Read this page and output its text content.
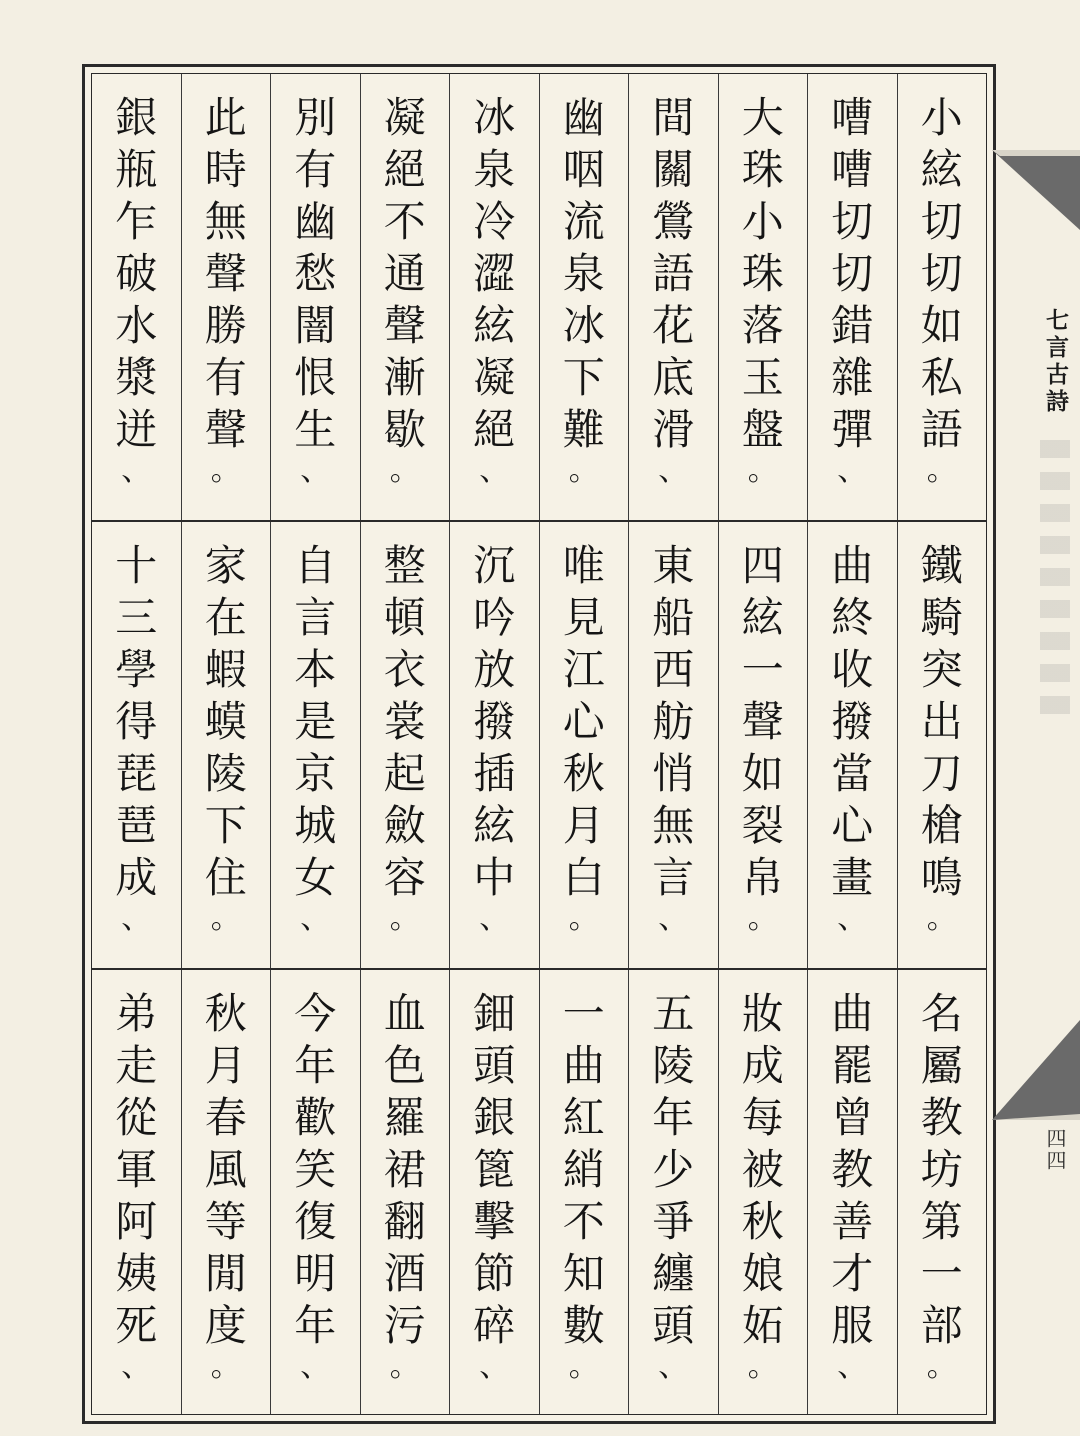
小
絃
切
切
如
私
語
。
嘈
嘈
切
切
錯
雜
彈
、
大
珠
小
珠
落
玉
盤
。
間
關
鶯
語
花
底
滑
、
幽
咽
流
泉
冰
下
難
。
冰
泉
冷
澀
絃
凝
絕
、
凝
絕
不
通
聲
漸
歇
。
別
有
幽
愁
闇
恨
生
、
此
時
無
聲
勝
有
聲
。
銀
瓶
乍
破
水
漿
迸
、
鐵
騎
突
出
刀
槍
鳴
。
曲
終
收
撥
當
心
畫
、
四
絃
一
聲
如
裂
帛
。
東
船
西
舫
悄
無
言
、
唯
見
江
心
秋
月
白
。
沉
吟
放
撥
插
絃
中
、
整
頓
衣
裳
起
斂
容
。
自
言
本
是
京
城
女
、
家
在
蝦
蟆
陵
下
住
。
十
三
學
得
琵
琶
成
、
名
屬
教
坊
第
一
部
。
曲
罷
曾
教
善
才
服
、
妝
成
每
被
秋
娘
妬
。
五
陵
年
少
爭
纏
頭
、
一
曲
紅
綃
不
知
數
。
鈿
頭
銀
篦
擊
節
碎
、
血
色
羅
裙
翻
酒
污
。
今
年
歡
笑
復
明
年
、
秋
月
春
風
等
閒
度
。
弟
走
從
軍
阿
姨
死
、
七言古詩
四四
